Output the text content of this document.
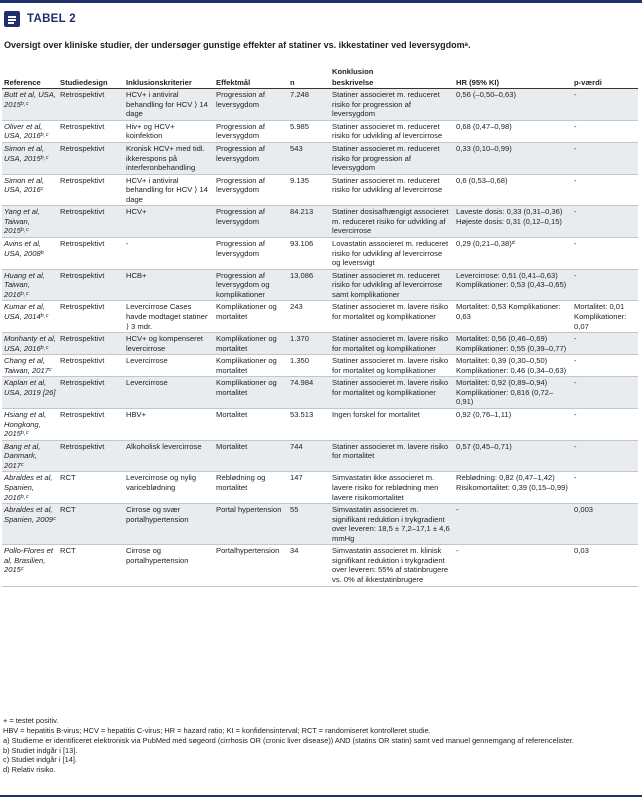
TABEL 2
Oversigt over kliniske studier, der undersøger gunstige effekter af statiner vs. ikkestatiner ved leversygdomᵃ.
					Konklusion		
Reference	Studiedesign	Inklusionskriterier	Effektmål	n	beskrivelse	HR (95% KI)	p-værdi
Butt et al, USA, 2015ᵇ˒ᶜ	Retrospektivt	HCV+ i antiviral behandling for HCV ⟩ 14 dage	Progression af leversygdom	7.248	Statiner associeret m. reduceret risiko for progression af leversygdom	0,56 (–0,50–0,63)	-
Oliver et al, USA, 2016ᵇ˒ᶜ	Retrospektivt	Hiv+ og HCV+ koinfektion	Progression af leversygdom	5.985	Statiner associeret m. reduceret risiko for udvikling af levercirrose	0,68 (0,47–0,98)	-
Simon et al, USA, 2015ᵇ˒ᶜ	Retrospektivt	Kronisk HCV+ med tidl. ikkerespons på interferonbehandling	Progression af leversygdom	543	Statiner associeret m. reduceret risiko for progression af leversygdom	0,33 (0,10–0,99)	-
Simon et al, USA, 2016ᶜ	Retrospektivt	HCV+ i antiviral behandling for HCV ⟩ 14 dage	Progression af leversygdom	9.135	Statiner associeret m. reduceret risiko for udvikling af levercirrose	0,6 (0,53–0,68)	-
Yang et al, Taiwan, 2015ᵇ˒ᶜ	Retrospektivt	HCV+	Progression af leversygdom	84.213	Statiner dosisafhængigt associeret m. reduceret risiko for udvikling af levercirrose	Laveste dosis: 0,33 (0,31–0,36) Højeste dosis: 0,31 (0,12–0,15)	-
Avins et al, USA, 2008ᵇ	Retrospektivt	-	Progression af leversygdom	93.106	Lovastatin associeret m. reduceret risiko for udvikling af levercirrose og leversvigt	0,29 (0,21–0,38)ᵈ	-
Huang et al, Taiwan, 2016ᵇ˒ᶜ	Retrospektivt	HCB+	Progression af leversygdom og komplikationer	13.086	Statiner associeret m. reduceret risiko for udvikling af levercirrose samt komplikationer	Levercirrose: 0,51 (0,41–0,63) Komplikationer: 0,53 (0,43–0,65)	-
Kumar et al, USA, 2014ᵇ˒ᶜ	Retrospektivt	Levercirrose Cases havde modtaget statiner ⟩ 3 mdr.	Komplikationer og mortalitet	243	Statiner associeret m. lavere risiko for mortalitet og komplikationer	Mortalitet: 0,53 Komplikationer: 0,63	Mortalitet: 0,01 Komplikationer: 0,07
Monhanty et al, USA, 2016ᵇ˒ᶜ	Retrospektivt	HCV+ og kompenseret levercirrose	Komplikationer og mortalitet	1.370	Statiner associeret m. lavere risiko for mortalitet og komplikationer	Mortalitet: 0,56 (0,46–0,69) Komplikationer: 0,55 (0,39–0,77)	-
Chang et al, Taiwan, 2017ᶜ	Retrospektivt	Levercirrose	Komplikationer og mortalitet	1.350	Statiner associeret m. lavere risiko for mortalitet og komplikationer	Mortalitet: 0,39 (0,30–0,50) Komplikationer: 0,46 (0,34–0,63)	-
Kaplan et al, USA, 2019 [26]	Retrospektivt	Levercirrose	Komplikationer og mortalitet	74.984	Statiner associeret m. lavere risiko for mortalitet og komplikationer	Mortalitet: 0,92 (0,89–0,94) Komplikationer: 0,816 (0,72–0,91)	-
Hsiang et al, Hongkong, 2015ᵇ˒ᶜ	Retrospektivt	HBV+	Mortalitet	53.513	Ingen forskel for mortalitet	0,92 (0,76–1,11)	-
Bang et al, Danmark, 2017ᶜ	Retrospektivt	Alkoholisk levercirrose	Mortalitet	744	Statiner associeret m. lavere risiko for mortalitet	0,57 (0,45–0,71)	-
Abraldes et al, Spanien, 2016ᵇ˒ᶜ	RCT	Levercirrose og nylig variceblødning	Reblødning og mortalitet	147	Simvastatin ikke associeret m. lavere risiko for reblødning men lavere risikomortalitet	Reblødning: 0,82 (0,47–1,42) Risikomortalitet: 0,39 (0,15–0,99)	-
Abraldes et al, Spanien, 2009ᶜ	RCT	Cirrose og svær portalhypertension	Portal hypertension	55	Simvastatin associeret m. signifikant reduktion i trykgradient over leveren: 18,5 ± 7,2–17,1 ± 4,6 mmHg	-	0,003
Pollo-Flores et al, Brasilien, 2015ᶜ	RCT	Cirrose og portalhypertension	Portalhypertension	34	Simvastatin associeret m. klinisk signifikant reduktion i trykgradient over leveren: 55% af statinbrugere vs. 0% af ikkestatinbrugere	-	0,03
+ = testet positiv.
HBV = hepatitis B-virus; HCV = hepatitis C-virus; HR = hazard ratio; KI = konfidensinterval; RCT = randomiseret kontrolleret studie.
a) Studierne er identificeret elektronisk via PubMed med søgeord (cirrhosis OR (cronic liver disease)) AND (statins OR statin) samt ved manuel gennemgang af referencelister.
b) Studiet indgår i [13].
c) Studiet indgår i [14].
d) Relativ risiko.
